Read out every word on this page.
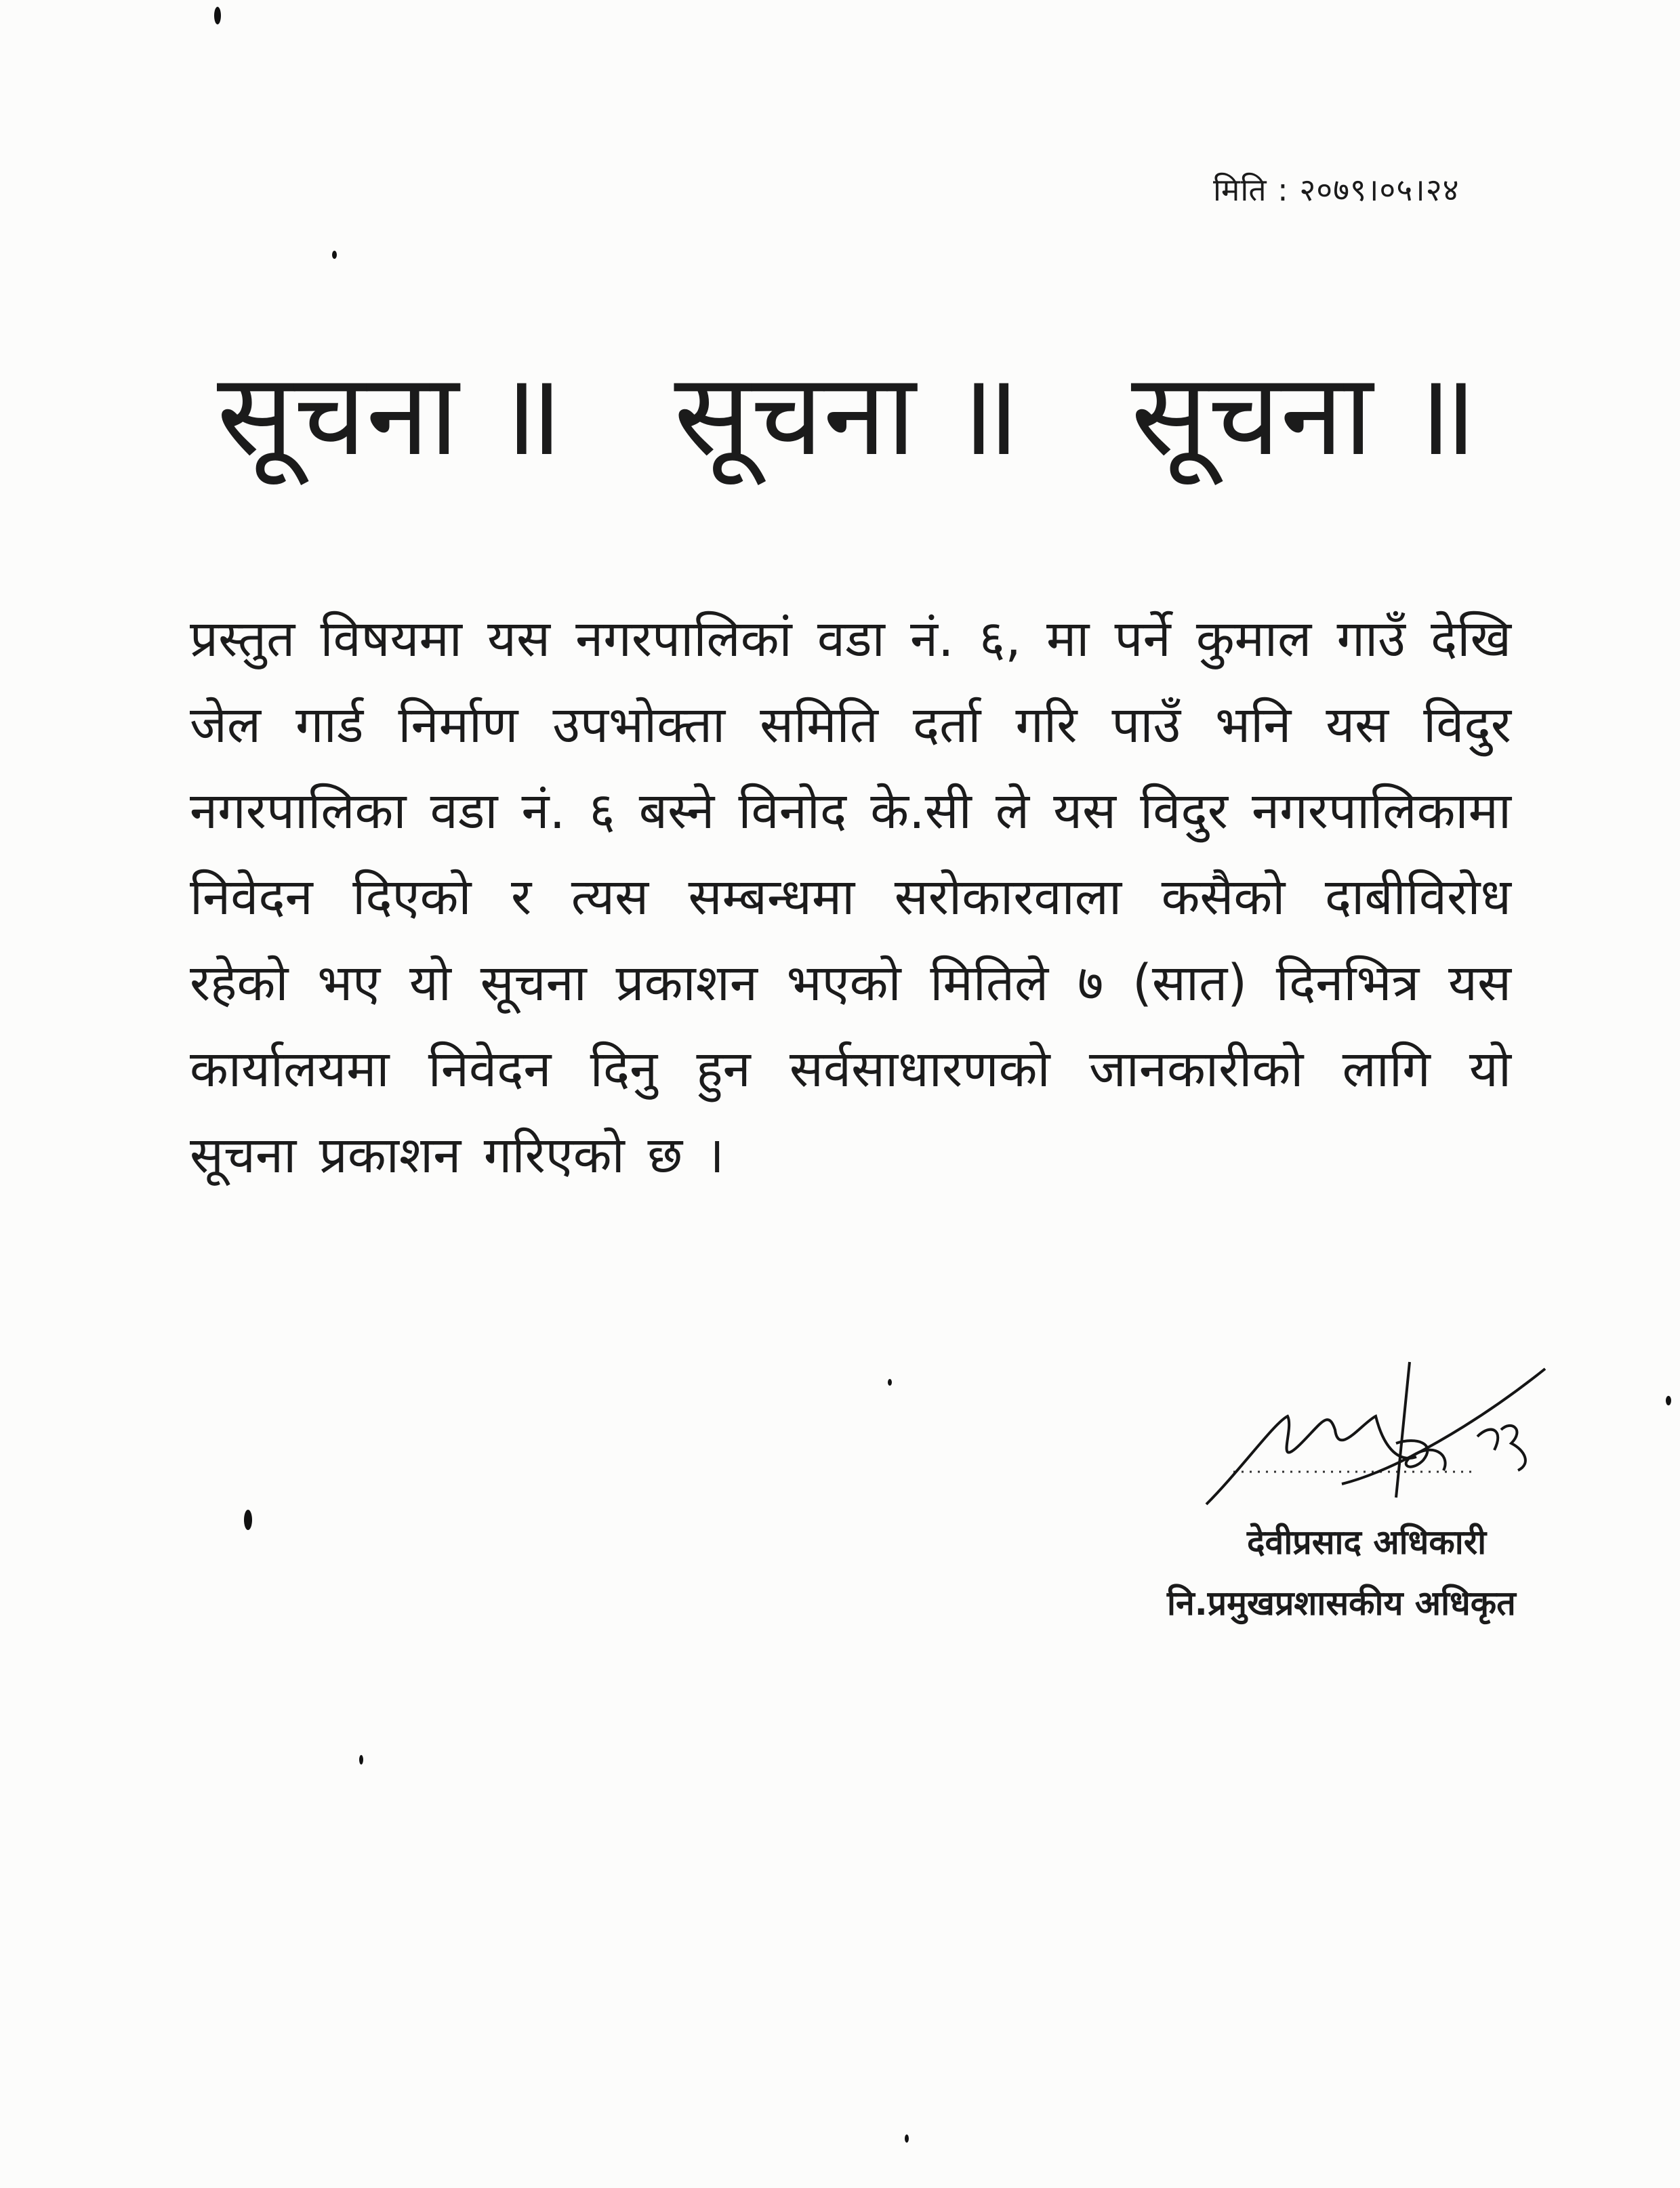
मिति : २०७९।०५।२४
सूचना ॥ सूचना ॥ सूचना ॥

प्रस्तुत विषयमा यस नगरपालिकां वडा नं. ६, मा पर्ने कुमाल गाउँ देखि जेल गार्ड निर्माण उपभोक्ता समिति दर्ता गरि पाउँ भनि यस विदुर नगरपालिका वडा नं. ६ बस्ने विनोद के.सी ले यस विदुर नगरपालिकामा निवेदन दिएको र त्यस सम्बन्धमा सरोकारवाला कसैको दाबीविरोध रहेको भए यो सूचना प्रकाशन भएको मितिले ७ (सात) दिनभित्र यस कार्यालयमा निवेदन दिनु हुन सर्वसाधारणको जानकारीको लागि यो सूचना प्रकाशन गरिएको छ ।

देवीप्रसाद अधिकारी
नि.प्रमुखप्रशासकीय अधिकृत
